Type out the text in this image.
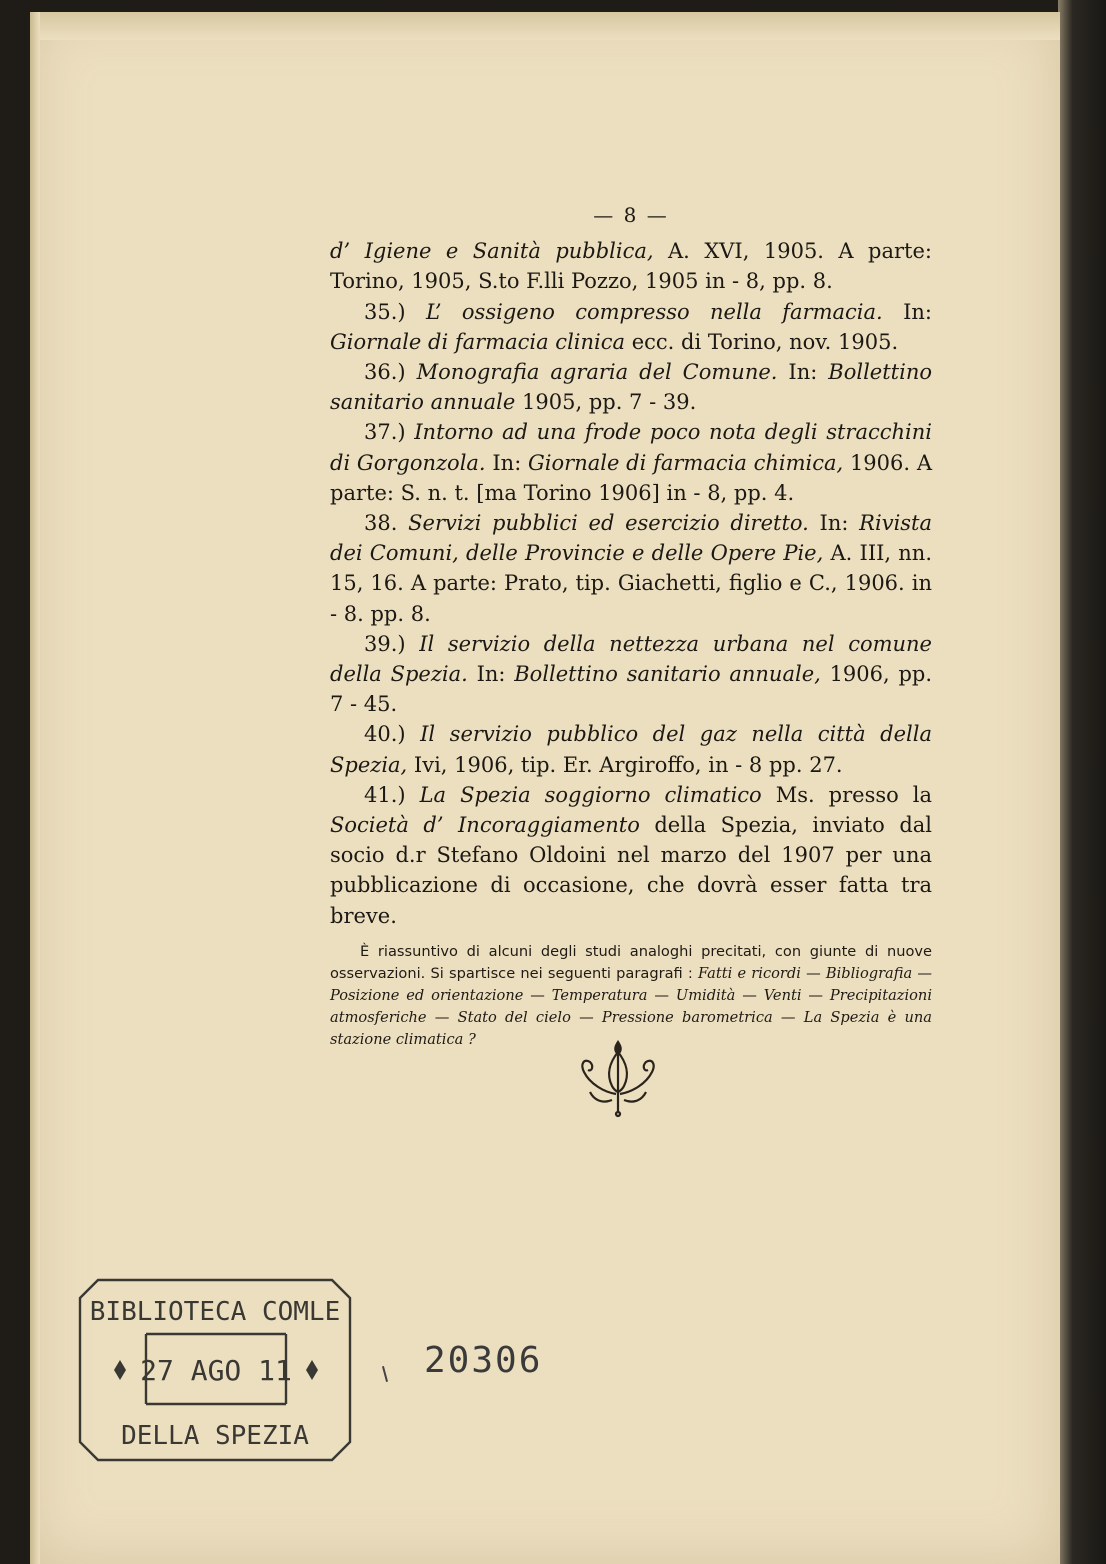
— 8 —

d’ Igiene e Sanità pubblica, A. XVI, 1905. A parte: Torino, 1905, S.to F.lli Pozzo, 1905 in - 8, pp. 8.

35.) L’ ossigeno compresso nella farmacia. In: Giornale di farmacia clinica ecc. di Torino, nov. 1905.

36.) Monografia agraria del Comune. In: Bollettino sanitario annuale 1905, pp. 7 - 39.

37.) Intorno ad una frode poco nota degli stracchini di Gorgonzola. In: Giornale di farmacia chimica, 1906. A parte: S. n. t. [ma Torino 1906] in - 8, pp. 4.

38. Servizi pubblici ed esercizio diretto. In: Rivista dei Comuni, delle Provincie e delle Opere Pie, A. III, nn. 15, 16. A parte: Prato, tip. Giachetti, figlio e C., 1906. in - 8. pp. 8.

39.) Il servizio della nettezza urbana nel comune della Spezia. In: Bollettino sanitario annuale, 1906, pp. 7 - 45.

40.) Il servizio pubblico del gaz nella città della Spezia, Ivi, 1906, tip. Er. Argiroffo, in - 8 pp. 27.

41.) La Spezia soggiorno climatico Ms. presso la Società d’ Incoraggiamento della Spezia, inviato dal socio d.r Stefano Oldoini nel marzo del 1907 per una pubblicazione di occasione, che dovrà esser fatta tra breve.

È riassuntivo di alcuni degli studi analoghi precitati, con giunte di nuove osservazioni. Si spartisce nei seguenti paragrafi : Fatti e ricordi — Bibliografia — Posizione ed orientazione — Temperatura — Umidità — Venti — Precipitazioni atmosferiche — Stato del cielo — Pressione barometrica — La Spezia è una stazione climatica ?

BIBLIOTECA COMLE
27 AGO 11
DELLA SPEZIA
20306
